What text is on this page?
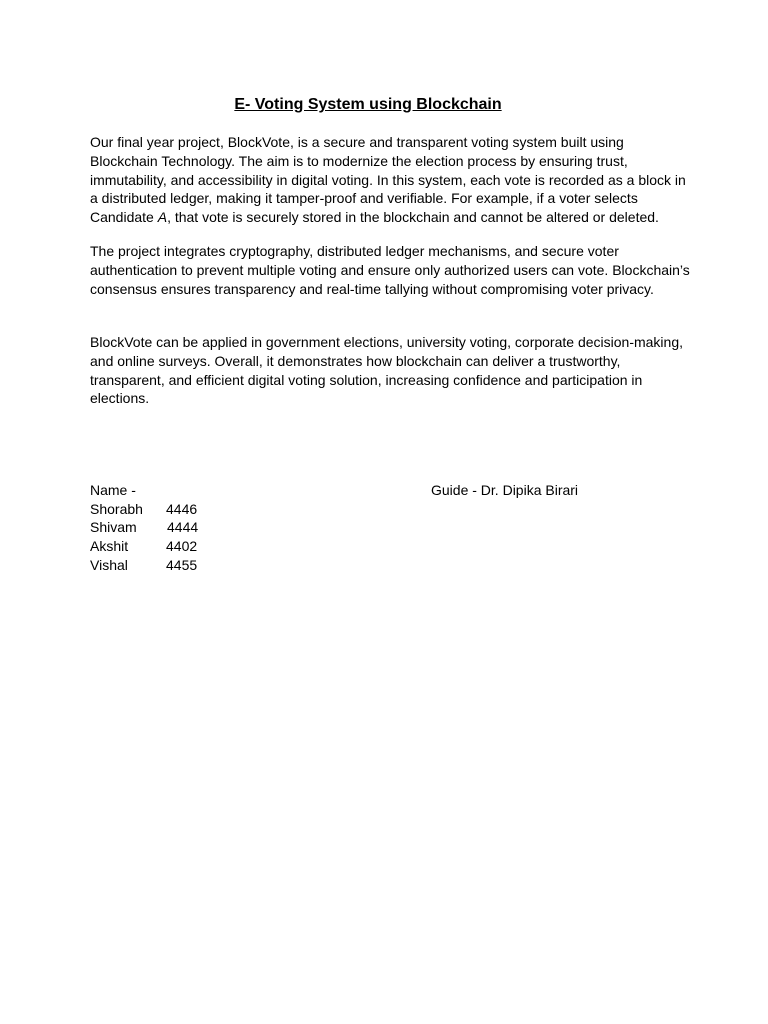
E- Voting System using Blockchain

Our final year project, BlockVote, is a secure and transparent voting system built using Blockchain Technology. The aim is to modernize the election process by ensuring trust, immutability, and accessibility in digital voting. In this system, each vote is recorded as a block in a distributed ledger, making it tamper-proof and verifiable. For example, if a voter selects Candidate A, that vote is securely stored in the blockchain and cannot be altered or deleted.

The project integrates cryptography, distributed ledger mechanisms, and secure voter authentication to prevent multiple voting and ensure only authorized users can vote. Blockchain’s consensus ensures transparency and real-time tallying without compromising voter privacy.

BlockVote can be applied in government elections, university voting, corporate decision-making, and online surveys. Overall, it demonstrates how blockchain can deliver a trustworthy, transparent, and efficient digital voting solution, increasing confidence and participation in elections.

Name -	Guide - Dr. Dipika Birari
Shorabh 4446
Shivam 4444
Akshit	4402
Vishal	4455
